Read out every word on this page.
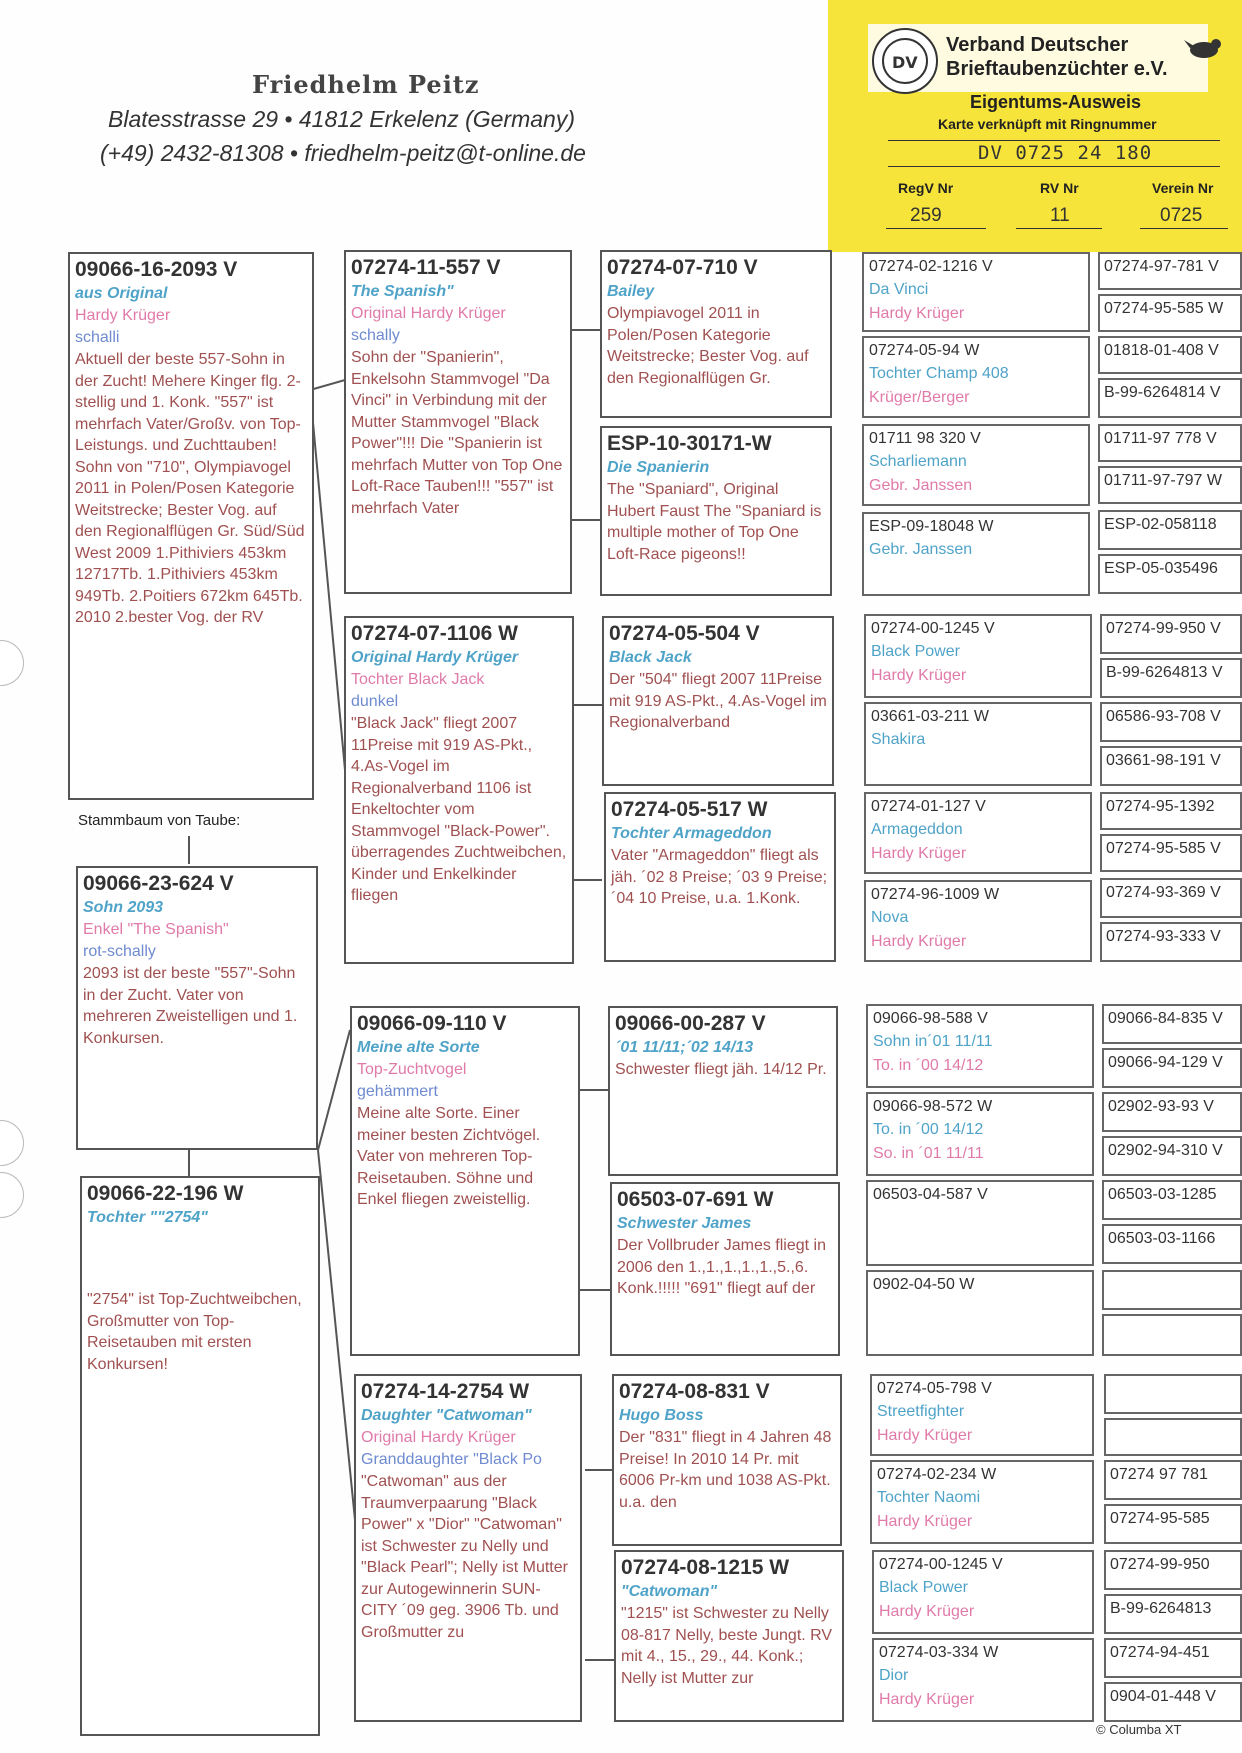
Friedhelm Peitz
Blatesstrasse 29 • 41812 Erkelenz (Germany)
(+49) 2432-81308 • friedhelm-peitz@t-online.de
DV
Verband Deutscher
Brieftaubenzüchter e.V.
Eigentums-Ausweis
Karte verknüpft mit Ringnummer
DV 0725 24 180
RegV Nr	RV Nr	Verein Nr
259	11	0725
09066-16-2093 V
aus Original
Hardy Krüger
schalli
Aktuell der beste 557-Sohn in der Zucht! Mehere Kinger flg. 2-stellig und 1. Konk. "557" ist mehrfach Vater/Großv. von Top-Leistungs. und Zuchttauben! Sohn von "710", Olympiavogel 2011 in Polen/Posen Kategorie Weitstrecke; Bester Vog. auf den Regionalflügen Gr. Süd/Süd West 2009 1.Pithiviers 453km 12717Tb. 1.Pithiviers 453km 949Tb. 2.Poitiers 672km 645Tb. 2010 2.bester Vog. der RV
Stammbaum von Taube:
09066-23-624 V
Sohn 2093
Enkel "The Spanish"
rot-schally
2093 ist der beste "557"-Sohn in der Zucht. Vater von mehreren Zweistelligen und 1. Konkursen.
09066-22-196 W
Tochter ""2754"
"2754" ist Top-Zuchtweibchen, Großmutter von Top-Reisetauben mit ersten Konkursen!
07274-11-557 V
The Spanish"
Original Hardy Krüger
schally
Sohn der "Spanierin", Enkelsohn Stammvogel "Da Vinci" in Verbindung mit der Mutter Stammvogel "Black Power"!!! Die "Spanierin ist mehrfach Mutter von Top One Loft-Race Tauben!!! "557" ist mehrfach Vater
07274-07-1106 W
Original Hardy Krüger
Tochter Black Jack
dunkel
"Black Jack" fliegt 2007 11Preise mit 919 AS-Pkt., 4.As-Vogel im Regionalverband 1106 ist Enkeltochter vom Stammvogel "Black-Power". überragendes Zuchtweibchen, Kinder und Enkelkinder fliegen
09066-09-110 V
Meine alte Sorte
Top-Zuchtvogel
gehämmert
Meine alte Sorte. Einer meiner besten Zichtvögel. Vater von mehreren Top-Reisetauben. Söhne und Enkel fliegen zweistellig.
07274-14-2754 W
Daughter "Catwoman"
Original Hardy Krüger
Granddaughter "Black Po
"Catwoman" aus der Traumverpaarung "Black Power" x "Dior" "Catwoman" ist Schwester zu Nelly und "Black Pearl"; Nelly ist Mutter zur Autogewinnerin SUN-CITY ´09 geg. 3906 Tb. und Großmutter zu
07274-07-710 V
Bailey
Olympiavogel 2011 in Polen/Posen Kategorie Weitstrecke; Bester Vog. auf den Regionalflügen Gr.
ESP-10-30171-W
Die Spanierin
The "Spaniard", Original Hubert Faust The "Spaniard is multiple mother of Top One Loft-Race pigeons!!
07274-05-504 V
Black Jack
Der "504" fliegt 2007 11Preise mit 919 AS-Pkt., 4.As-Vogel im Regionalverband
07274-05-517 W
Tochter Armageddon
Vater "Armageddon" fliegt als jäh. ´02 8 Preise; ´03 9 Preise; ´04 10 Preise, u.a. 1.Konk.
09066-00-287 V
´01 11/11;´02 14/13
Schwester fliegt jäh. 14/12 Pr.
06503-07-691 W
Schwester James
Der Vollbruder James fliegt in 2006 den 1.,1.,1.,1.,1.,5.,6. Konk.!!!!! "691" fliegt auf der
07274-08-831 V
Hugo Boss
Der "831" fliegt in 4 Jahren 48 Preise! In 2010 14 Pr. mit 6006 Pr-km und 1038 AS-Pkt. u.a. den
07274-08-1215 W
"Catwoman"
"1215" ist Schwester zu Nelly 08-817 Nelly, beste Jungt. RV mit 4., 15., 29., 44. Konk.; Nelly ist Mutter zur
07274-02-1216 V
Da Vinci
Hardy Krüger
07274-05-94 W
Tochter Champ 408
Krüger/Berger
01711 98 320 V
Scharliemann
Gebr. Janssen
ESP-09-18048 W
Gebr. Janssen
07274-00-1245 V
Black Power
Hardy Krüger
03661-03-211 W
Shakira
07274-01-127 V
Armageddon
Hardy Krüger
07274-96-1009 W
Nova
Hardy Krüger
09066-98-588 V
Sohn in´01 11/11
To. in ´00 14/12
09066-98-572 W
To. in ´00 14/12
So. in ´01 11/11
06503-04-587 V
0902-04-50 W
07274-05-798 V
Streetfighter
Hardy Krüger
07274-02-234 W
Tochter Naomi
Hardy Krüger
07274-00-1245 V
Black Power
Hardy Krüger
07274-03-334 W
Dior
Hardy Krüger
07274-97-781 V
07274-95-585 W
01818-01-408 V
B-99-6264814 V
01711-97 778 V
01711-97-797 W
ESP-02-058118
ESP-05-035496
07274-99-950 V
B-99-6264813 V
06586-93-708 V
03661-98-191 V
07274-95-1392
07274-95-585 V
07274-93-369 V
07274-93-333 V
09066-84-835 V
09066-94-129 V
02902-93-93 V
02902-94-310 V
06503-03-1285
06503-03-1166
07274 97 781
07274-95-585
07274-99-950
B-99-6264813
07274-94-451
0904-01-448 V
© Columba XT
